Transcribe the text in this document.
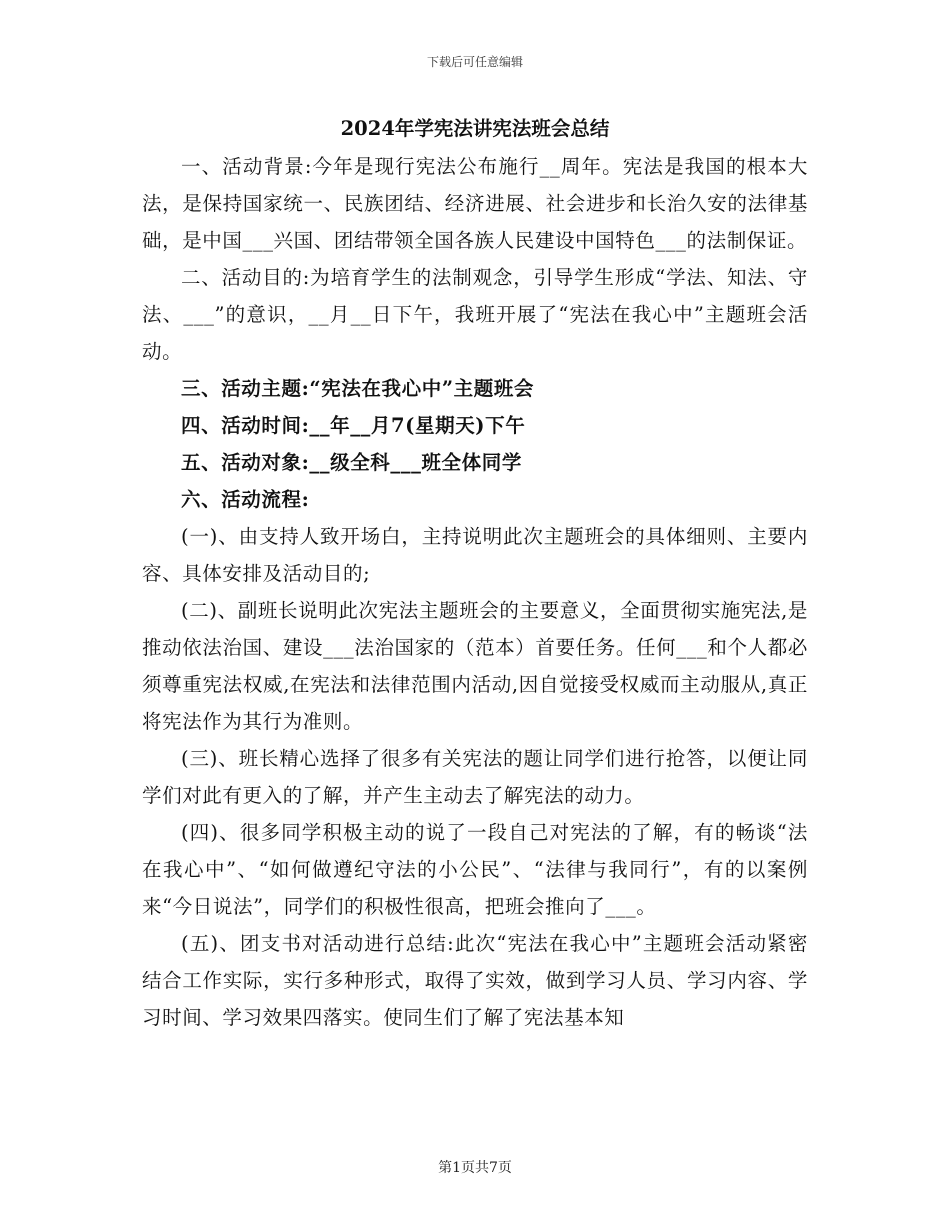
下载后可任意编辑
2024年学宪法讲宪法班会总结

一、活动背景:今年是现行宪法公布施行__周年。宪法是我国的根本大法，是保持国家统一、民族团结、经济进展、社会进步和长治久安的法律基础，是中国___兴国、团结带领全国各族人民建设中国特色___的法制保证。

二、活动目的:为培育学生的法制观念，引导学生形成“学法、知法、守法、___”的意识，__月__日下午，我班开展了“宪法在我心中”主题班会活动。

三、活动主题:“宪法在我心中”主题班会

四、活动时间:__年__月7(星期天)下午

五、活动对象:__级全科___班全体同学

六、活动流程:

(一)、由支持人致开场白，主持说明此次主题班会的具体细则、主要内容、具体安排及活动目的;

(二)、副班长说明此次宪法主题班会的主要意义，全面贯彻实施宪法,是推动依法治国、建设___法治国家的（范本）首要任务。任何___和个人都必须尊重宪法权威,在宪法和法律范围内活动,因自觉接受权威而主动服从,真正将宪法作为其行为准则。

(三)、班长精心选择了很多有关宪法的题让同学们进行抢答，以便让同学们对此有更入的了解，并产生主动去了解宪法的动力。

(四)、很多同学积极主动的说了一段自己对宪法的了解，有的畅谈“法在我心中”、“如何做遵纪守法的小公民”、“法律与我同行”，有的以案例来“今日说法”，同学们的积极性很高，把班会推向了___。

(五)、团支书对活动进行总结:此次“宪法在我心中”主题班会活动紧密结合工作实际，实行多种形式，取得了实效，做到学习人员、学习内容、学习时间、学习效果四落实。使同生们了解了宪法基本知

第1页共7页
